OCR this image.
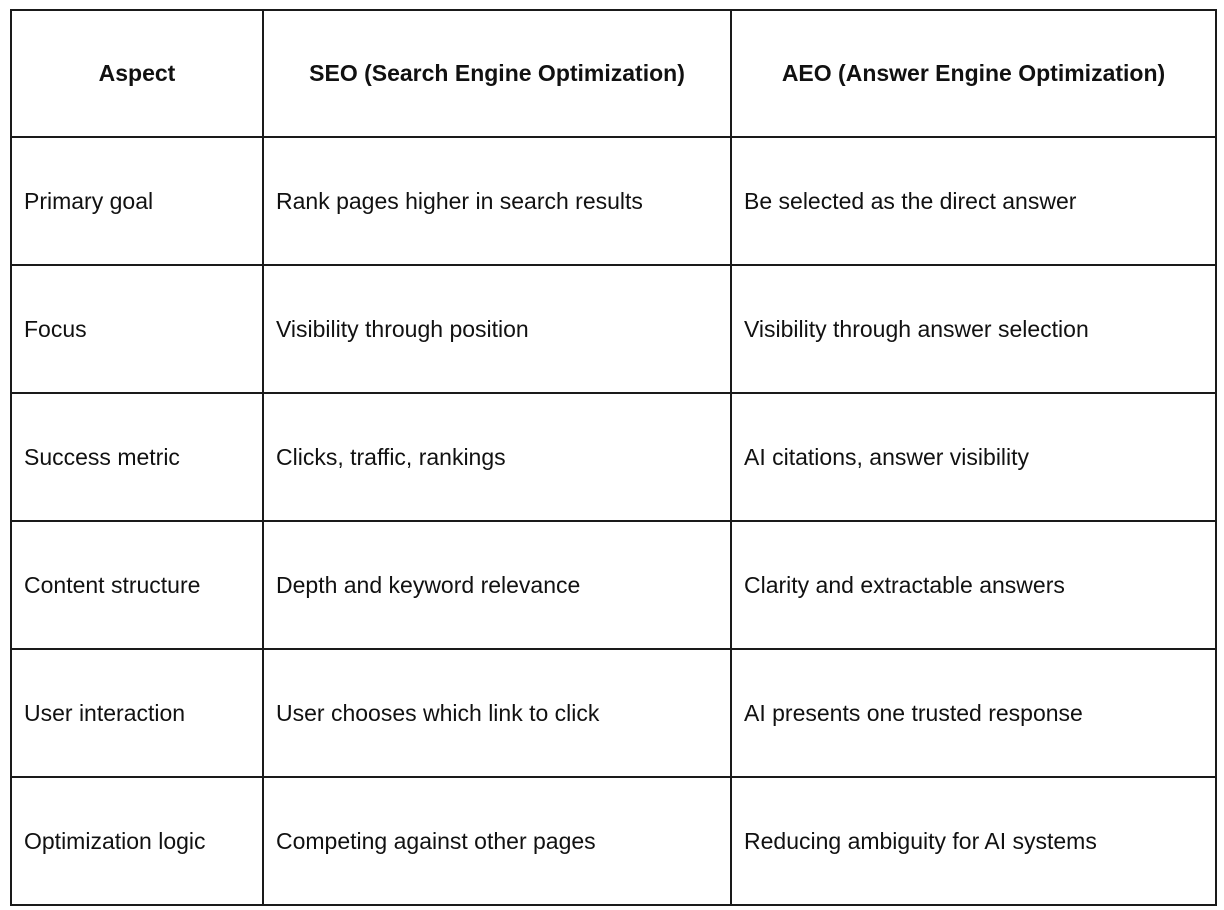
Aspect	SEO (Search Engine Optimization)	AEO (Answer Engine Optimization)
Primary goal	Rank pages higher in search results	Be selected as the direct answer
Focus	Visibility through position	Visibility through answer selection
Success metric	Clicks, traffic, rankings	AI citations, answer visibility
Content structure	Depth and keyword relevance	Clarity and extractable answers
User interaction	User chooses which link to click	AI presents one trusted response
Optimization logic	Competing against other pages	Reducing ambiguity for AI systems
